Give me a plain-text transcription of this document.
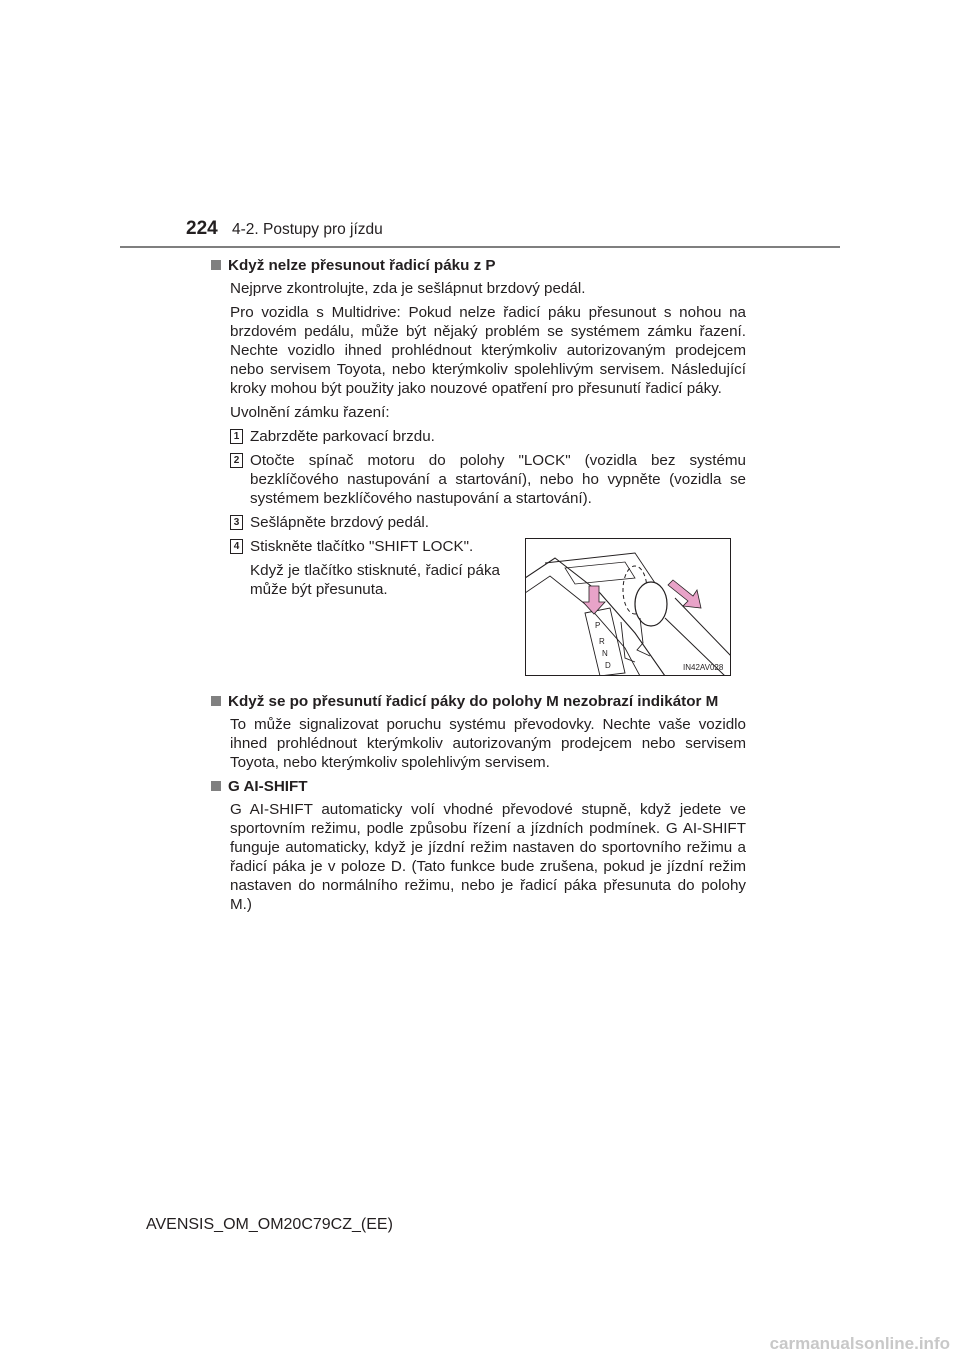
224 4-2. Postupy pro jízdu
Když nelze přesunout řadicí páku z P

Nejprve zkontrolujte, zda je sešlápnut brzdový pedál.

Pro vozidla s Multidrive: Pokud nelze řadicí páku přesunout s nohou na brzdovém pedálu, může být nějaký problém se systémem zámku řazení. Nechte vozidlo ihned prohlédnout kterýmkoliv autorizovaným prodejcem nebo servisem Toyota, nebo kterýmkoliv spolehlivým servisem. Následující kroky mohou být použity jako nouzové opatření pro přesunutí řadicí páky.

Uvolnění zámku řazení:

1 Zabrzděte parkovací brzdu.
2 Otočte spínač motoru do polohy "LOCK" (vozidla bez systému bezklíčového nastupování a startování), nebo ho vypněte (vozidla se systémem bezklíčového nastupování a startování).
3 Sešlápněte brzdový pedál.
4 Stiskněte tlačítko "SHIFT LOCK".
Když je tlačítko stisknuté, řadicí páka může být přesunuta.
P
R
N
D	IN42AV028
Když se po přesunutí řadicí páky do polohy M nezobrazí indikátor M

To může signalizovat poruchu systému převodovky. Nechte vaše vozidlo ihned prohlédnout kterýmkoliv autorizovaným prodejcem nebo servisem Toyota, nebo kterýmkoliv spolehlivým servisem.

G AI-SHIFT

G AI-SHIFT automaticky volí vhodné převodové stupně, když jedete ve sportovním režimu, podle způsobu řízení a jízdních podmínek. G AI-SHIFT funguje automaticky, když je jízdní režim nastaven do sportovního režimu a řadicí páka je v poloze D. (Tato funkce bude zrušena, pokud je jízdní režim nastaven do normálního režimu, nebo je řadicí páka přesunuta do polohy M.)

AVENSIS_OM_OM20C79CZ_(EE)
carmanualsonline.info
